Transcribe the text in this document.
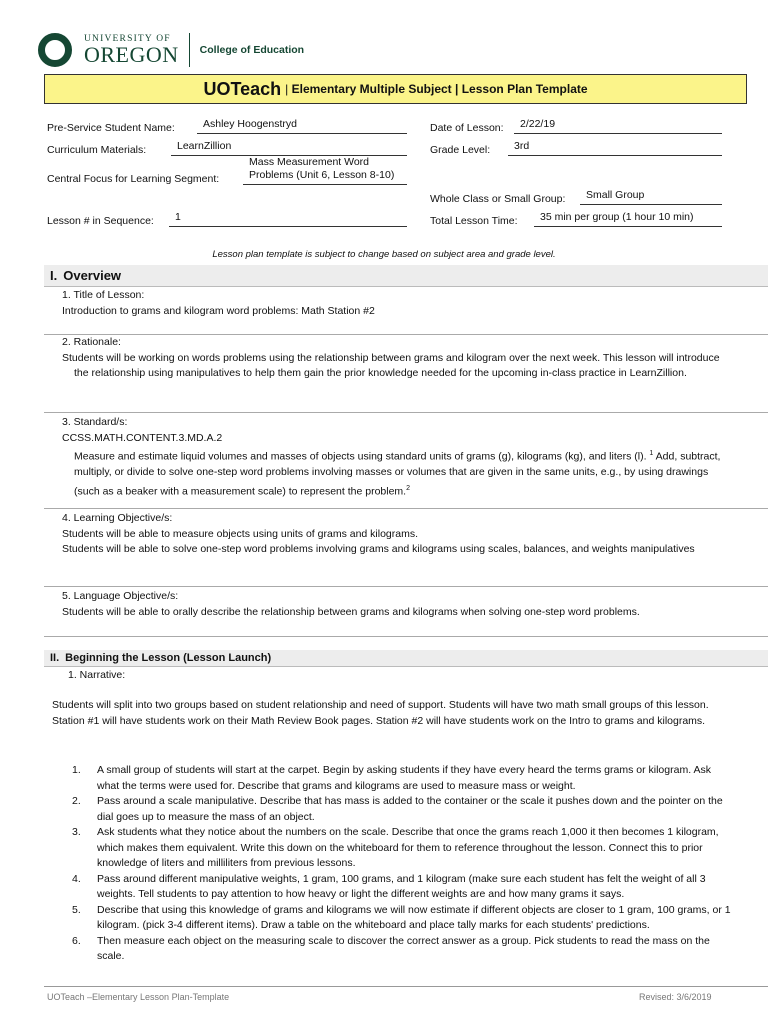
UNIVERSITY OF
OREGON College of Education
UOTeach | Elementary Multiple Subject | Lesson Plan Template
Pre-Service Student Name:	Ashley Hoogenstryd	Date of Lesson:	2/22/19
Curriculum Materials:	LearnZillion	Grade Level:	3rd
Central Focus for Learning Segment:
Mass Measurement Word Problems (Unit 6, Lesson 8-10)
Whole Class or Small Group:	Small Group
Lesson # in Sequence:	1	Total Lesson Time:	35 min per group (1 hour 10 min)
Lesson plan template is subject to change based on subject area and grade level.
I. Overview
1. Title of Lesson:
Introduction to grams and kilogram word problems: Math Station #2
2. Rationale:
Students will be working on words problems using the relationship between grams and kilogram over the next week. This lesson will introduce the relationship using manipulatives to help them gain the prior knowledge needed for the upcoming in-class practice in LearnZillion.
3. Standard/s:
CCSS.MATH.CONTENT.3.MD.A.2
Measure and estimate liquid volumes and masses of objects using standard units of grams (g), kilograms (kg), and liters (l). $^1$ Add, subtract, multiply, or divide to solve one-step word problems involving masses or volumes that are given in the same units, e.g., by using drawings (such as a beaker with a measurement scale) to represent the problem.$^2$
4. Learning Objective/s:
Students will be able to measure objects using units of grams and kilograms.
Students will be able to solve one-step word problems involving grams and kilograms using scales, balances, and weights manipulatives
5. Language Objective/s:
Students will be able to orally describe the relationship between grams and kilograms when solving one-step word problems.
II. Beginning the Lesson (Lesson Launch)
1. Narrative:
Students will split into two groups based on student relationship and need of support. Students will have two math small groups of this lesson. Station #1 will have students work on their Math Review Book pages. Station #2 will have students work on the Intro to grams and kilograms.
1.	A small group of students will start at the carpet. Begin by asking students if they have every heard the terms grams or kilogram. Ask what the terms were used for. Describe that grams and kilograms are used to measure mass or weight.
2.	Pass around a scale manipulative. Describe that has mass is added to the container or the scale it pushes down and the pointer on the dial goes up to measure the mass of an object.
3.	Ask students what they notice about the numbers on the scale. Describe that once the grams reach 1,000 it then becomes 1 kilogram, which makes them equivalent. Write this down on the whiteboard for them to reference throughout the lesson. Connect this to prior knowledge of liters and milliliters from previous lessons.
4.	Pass around different manipulative weights, 1 gram, 100 grams, and 1 kilogram (make sure each student has felt the weight of all 3 weights. Tell students to pay attention to how heavy or light the different weights are and how many grams it says.
5.	Describe that using this knowledge of grams and kilograms we will now estimate if different objects are closer to 1 gram, 100 grams, or 1 kilogram. (pick 3-4 different items). Draw a table on the whiteboard and place tally marks for each students' predictions.
6.	Then measure each object on the measuring scale to discover the correct answer as a group. Pick students to read the mass on the scale.
UOTeach –Elementary Lesson Plan-Template	Revised: 3/6/2019
